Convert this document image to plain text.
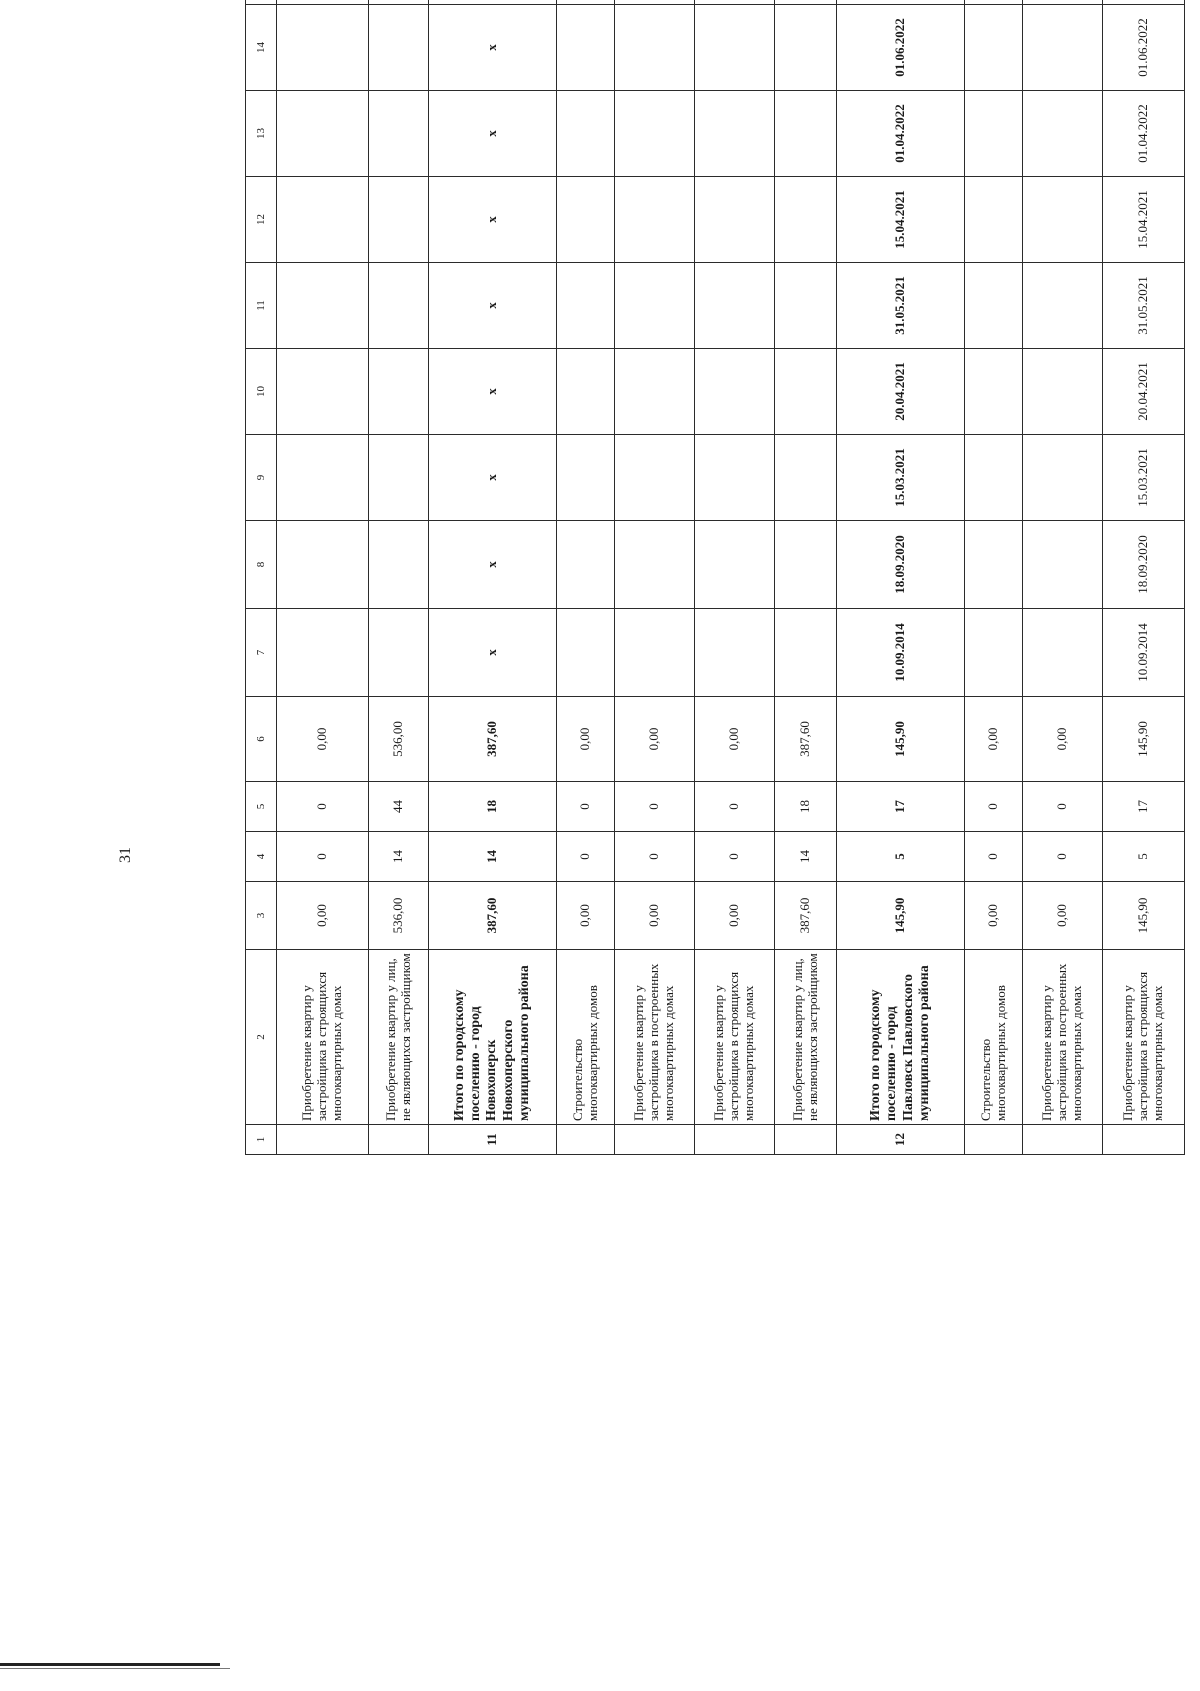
31
1	2	3	4	5	6	7	8	9	10	11	12	13	14	
	Приобретение квартир у застройщика в строящихся многоквартирных домах	0,00	0	0	0,00									
	Приобретение квартир у лиц, не являющихся застройщиком	536,00	14	44	536,00									
11	Итого по городскому поселению - город Новохоперск Новохоперского муниципального района	387,60	14	18	387,60	x	x	x	x	x	x	x	x	
	Строительство многоквартирных домов	0,00	0	0	0,00									
	Приобретение квартир у застройщика в построенных многоквартирных домах	0,00	0	0	0,00									
	Приобретение квартир у застройщика в строящихся многоквартирных домах	0,00	0	0	0,00									
	Приобретение квартир у лиц, не являющихся застройщиком	387,60	14	18	387,60									
12	Итого по городскому поселению - город Павловск Павловского муниципального района	145,90	5	17	145,90	10.09.2014	18.09.2020	15.03.2021	20.04.2021	31.05.2021	15.04.2021	01.04.2022	01.06.2022	
	Строительство многоквартирных домов	0,00	0	0	0,00									
	Приобретение квартир у застройщика в построенных многоквартирных домах	0,00	0	0	0,00									
	Приобретение квартир у застройщика в строящихся многоквартирных домах	145,90	5	17	145,90	10.09.2014	18.09.2020	15.03.2021	20.04.2021	31.05.2021	15.04.2021	01.04.2022	01.06.2022	
